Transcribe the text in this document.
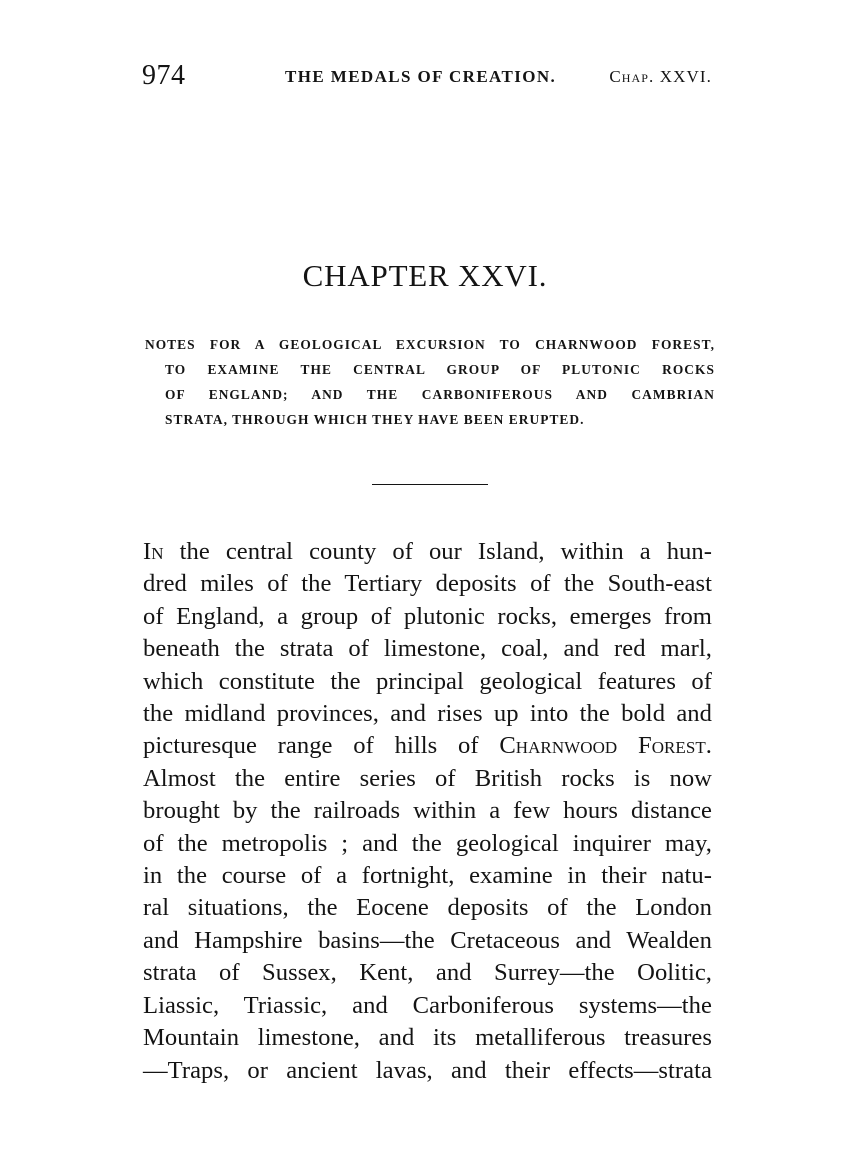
974	THE MEDALS OF CREATION.	Chap. XXVI.
CHAPTER XXVI.
NOTES FOR A GEOLOGICAL EXCURSION TO CHARNWOOD FOREST,
TO EXAMINE THE CENTRAL GROUP OF PLUTONIC ROCKS
OF ENGLAND; AND THE CARBONIFEROUS AND CAMBRIAN
STRATA, THROUGH WHICH THEY HAVE BEEN ERUPTED.
In the central county of our Island, within a hun-
dred miles of the Tertiary deposits of the South-east
of England, a group of plutonic rocks, emerges from
beneath the strata of limestone, coal, and red marl,
which constitute the principal geological features of
the midland provinces, and rises up into the bold and
picturesque range of hills of Charnwood Forest.
Almost the entire series of British rocks is now
brought by the railroads within a few hours distance
of the metropolis ; and the geological inquirer may,
in the course of a fortnight, examine in their natu-
ral situations, the Eocene deposits of the London
and Hampshire basins—the Cretaceous and Wealden
strata of Sussex, Kent, and Surrey—the Oolitic,
Liassic, Triassic, and Carboniferous systems—the
Mountain limestone, and its metalliferous treasures
—Traps, or ancient lavas, and their effects—strata
